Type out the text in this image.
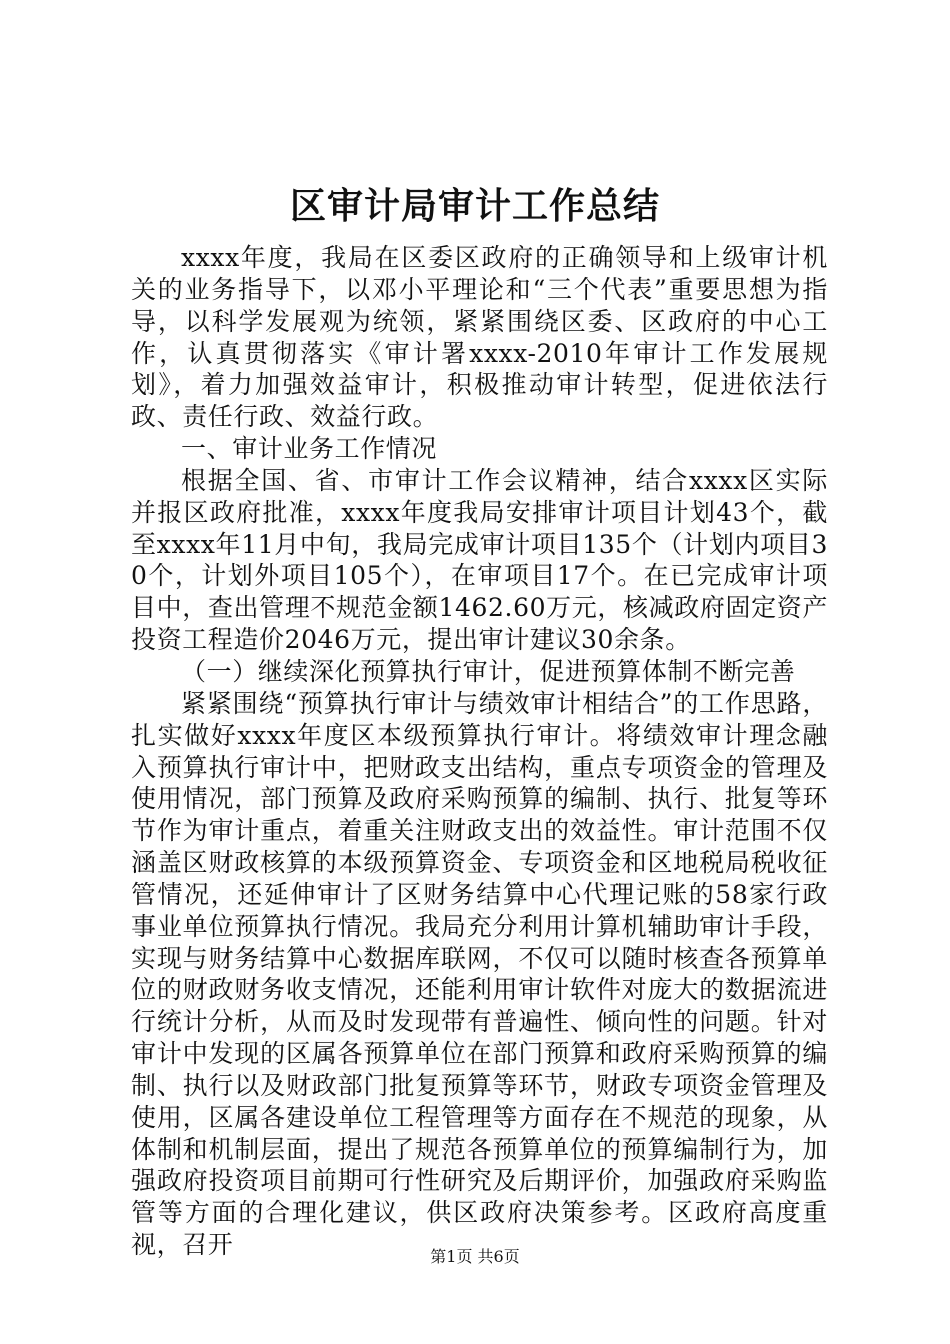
区审计局审计工作总结

xxxx年度，我局在区委区政府的正确领导和上级审计机关的业务指导下，以邓小平理论和“三个代表”重要思想为指导，以科学发展观为统领，紧紧围绕区委、区政府的中心工作，认真贯彻落实《审计署xxxx-2010年审计工作发展规划》，着力加强效益审计，积极推动审计转型，促进依法行政、责任行政、效益行政。

一、审计业务工作情况

根据全国、省、市审计工作会议精神，结合xxxx区实际并报区政府批准，xxxx年度我局安排审计项目计划43个，截至xxxx年11月中旬，我局完成审计项目135个（计划内项目30个，计划外项目105个），在审项目17个。在已完成审计项目中，查出管理不规范金额1462.60万元，核减政府固定资产投资工程造价2046万元，提出审计建议30余条。

（一）继续深化预算执行审计，促进预算体制不断完善

紧紧围绕“预算执行审计与绩效审计相结合”的工作思路，扎实做好xxxx年度区本级预算执行审计。将绩效审计理念融入预算执行审计中，把财政支出结构，重点专项资金的管理及使用情况，部门预算及政府采购预算的编制、执行、批复等环节作为审计重点，着重关注财政支出的效益性。审计范围不仅涵盖区财政核算的本级预算资金、专项资金和区地税局税收征管情况，还延伸审计了区财务结算中心代理记账的58家行政事业单位预算执行情况。我局充分利用计算机辅助审计手段，实现与财务结算中心数据库联网，不仅可以随时核查各预算单位的财政财务收支情况，还能利用审计软件对庞大的数据流进行统计分析，从而及时发现带有普遍性、倾向性的问题。针对审计中发现的区属各预算单位在部门预算和政府采购预算的编制、执行以及财政部门批复预算等环节，财政专项资金管理及使用，区属各建设单位工程管理等方面存在不规范的现象，从体制和机制层面，提出了规范各预算单位的预算编制行为，加强政府投资项目前期可行性研究及后期评价，加强政府采购监管等方面的合理化建议，供区政府决策参考。区政府高度重视，召开	第1页 共6页
